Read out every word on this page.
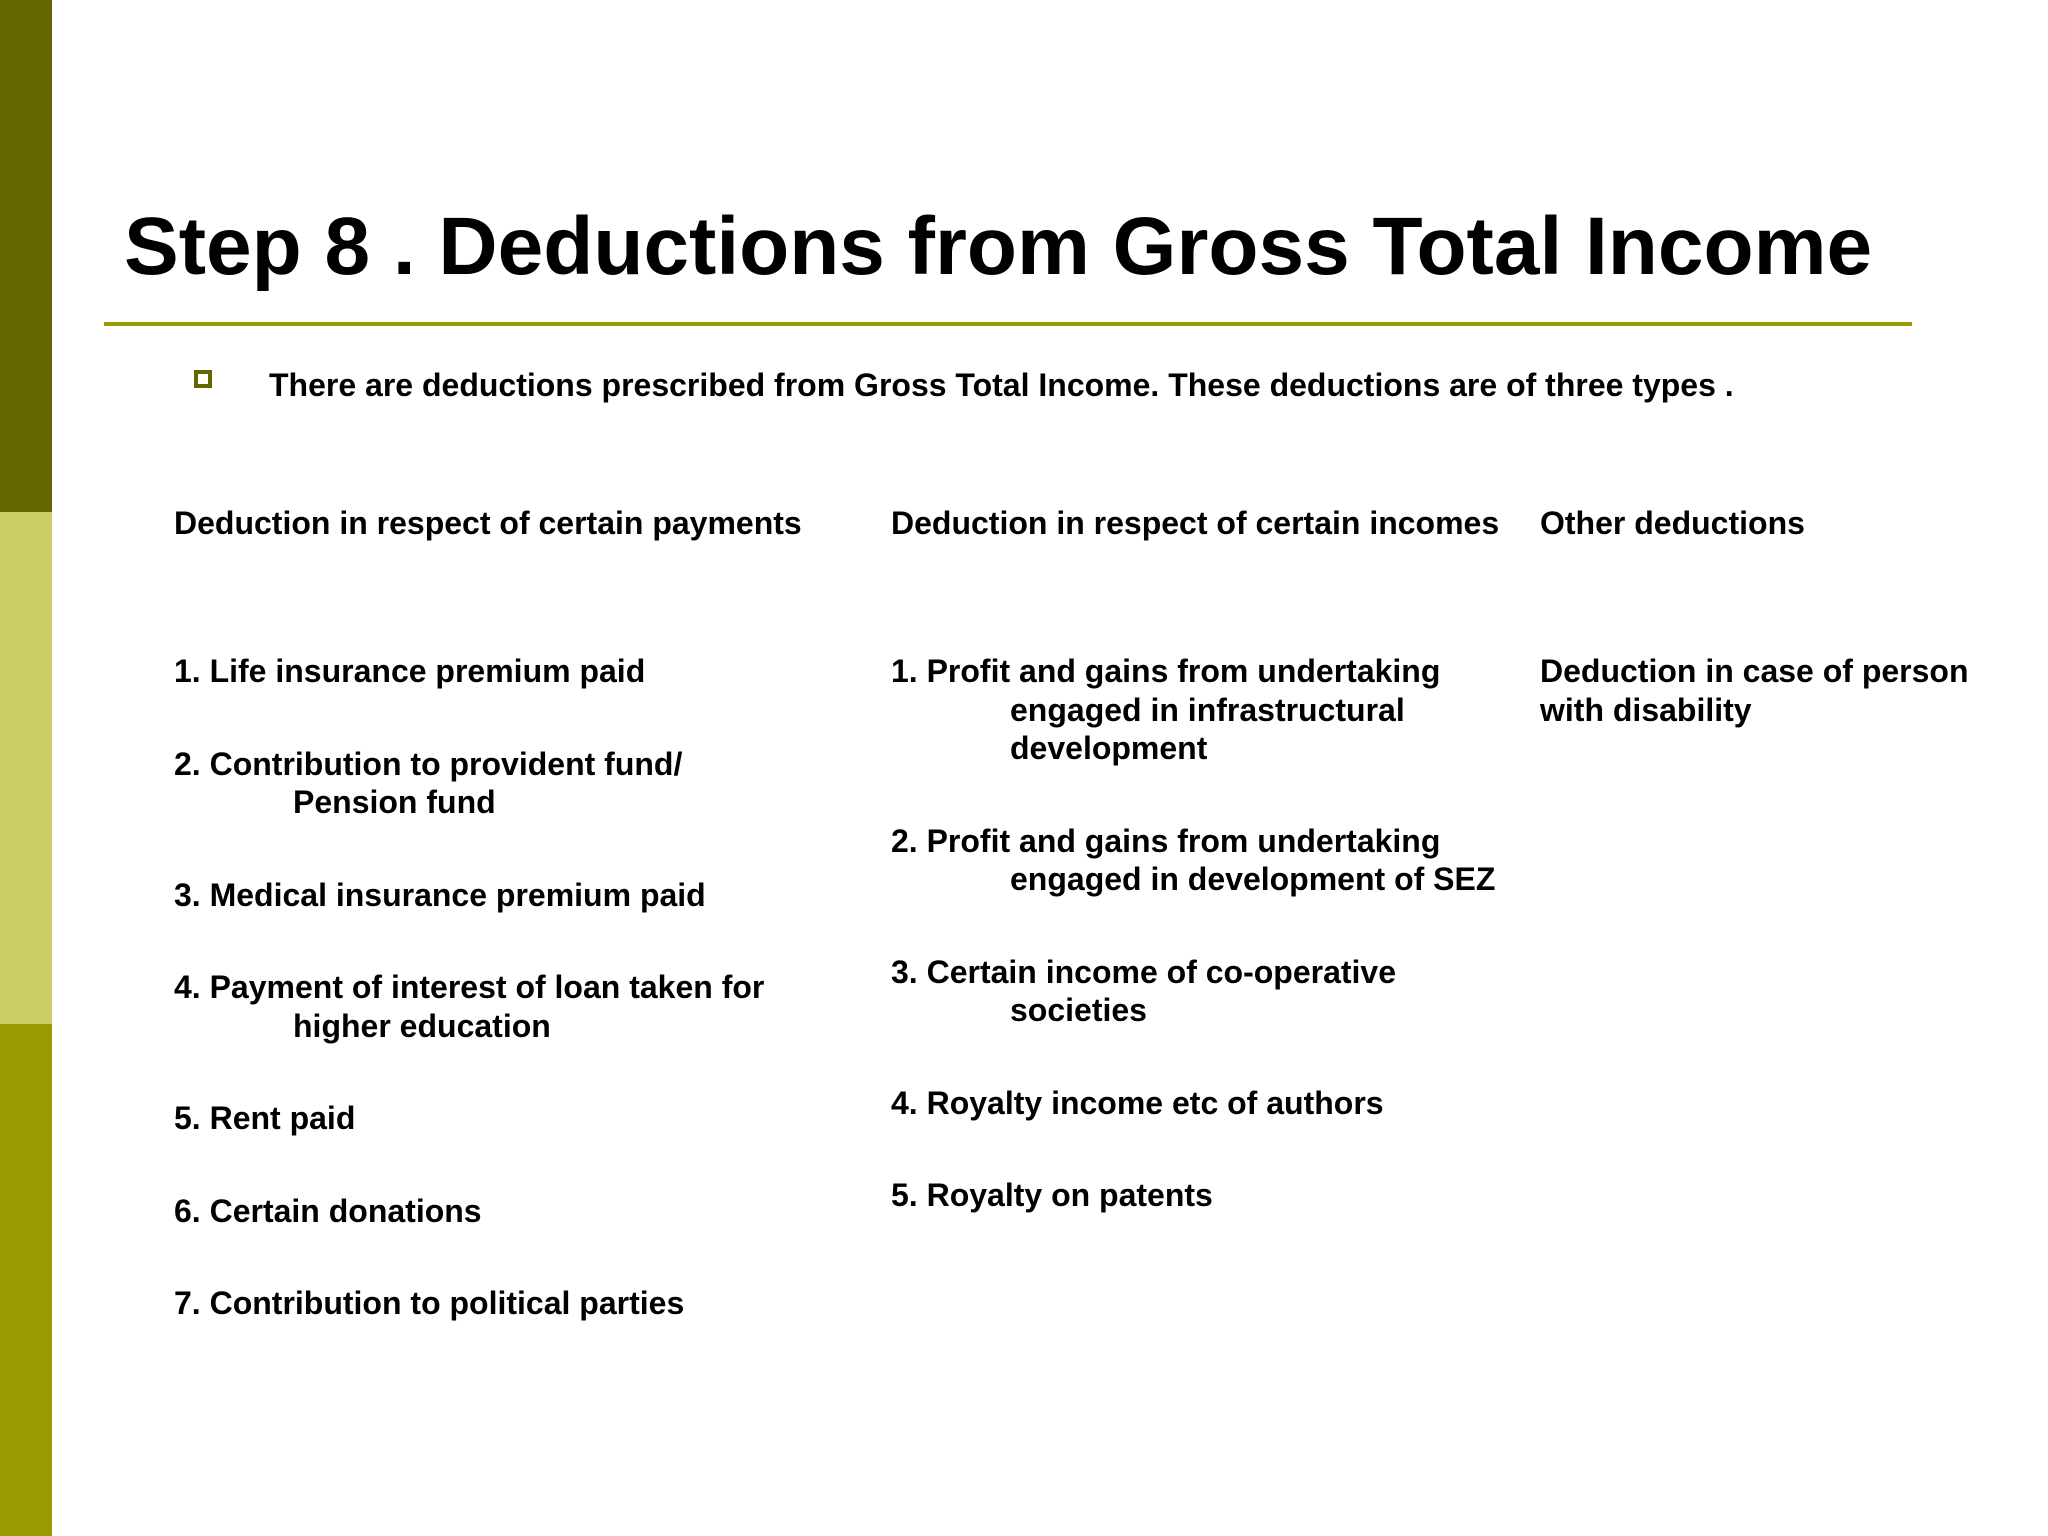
Step 8 . Deductions from Gross Total Income
There are deductions prescribed from Gross Total Income. These deductions are of three types .

Deduction in respect of certain payments

1. Life insurance premium paid
2. Contribution to provident fund/
Pension fund
3. Medical insurance premium paid
4. Payment of interest of loan taken for
higher education
5. Rent paid
6. Certain donations
7. Contribution to political parties

Deduction in respect of certain incomes

1. Profit and gains from undertaking
engaged in infrastructural development
2. Profit and gains from undertaking
engaged in development of SEZ
3. Certain income of co-operative
societies
4. Royalty income etc of authors
5. Royalty on patents

Other deductions

Deduction in case of person with disability
